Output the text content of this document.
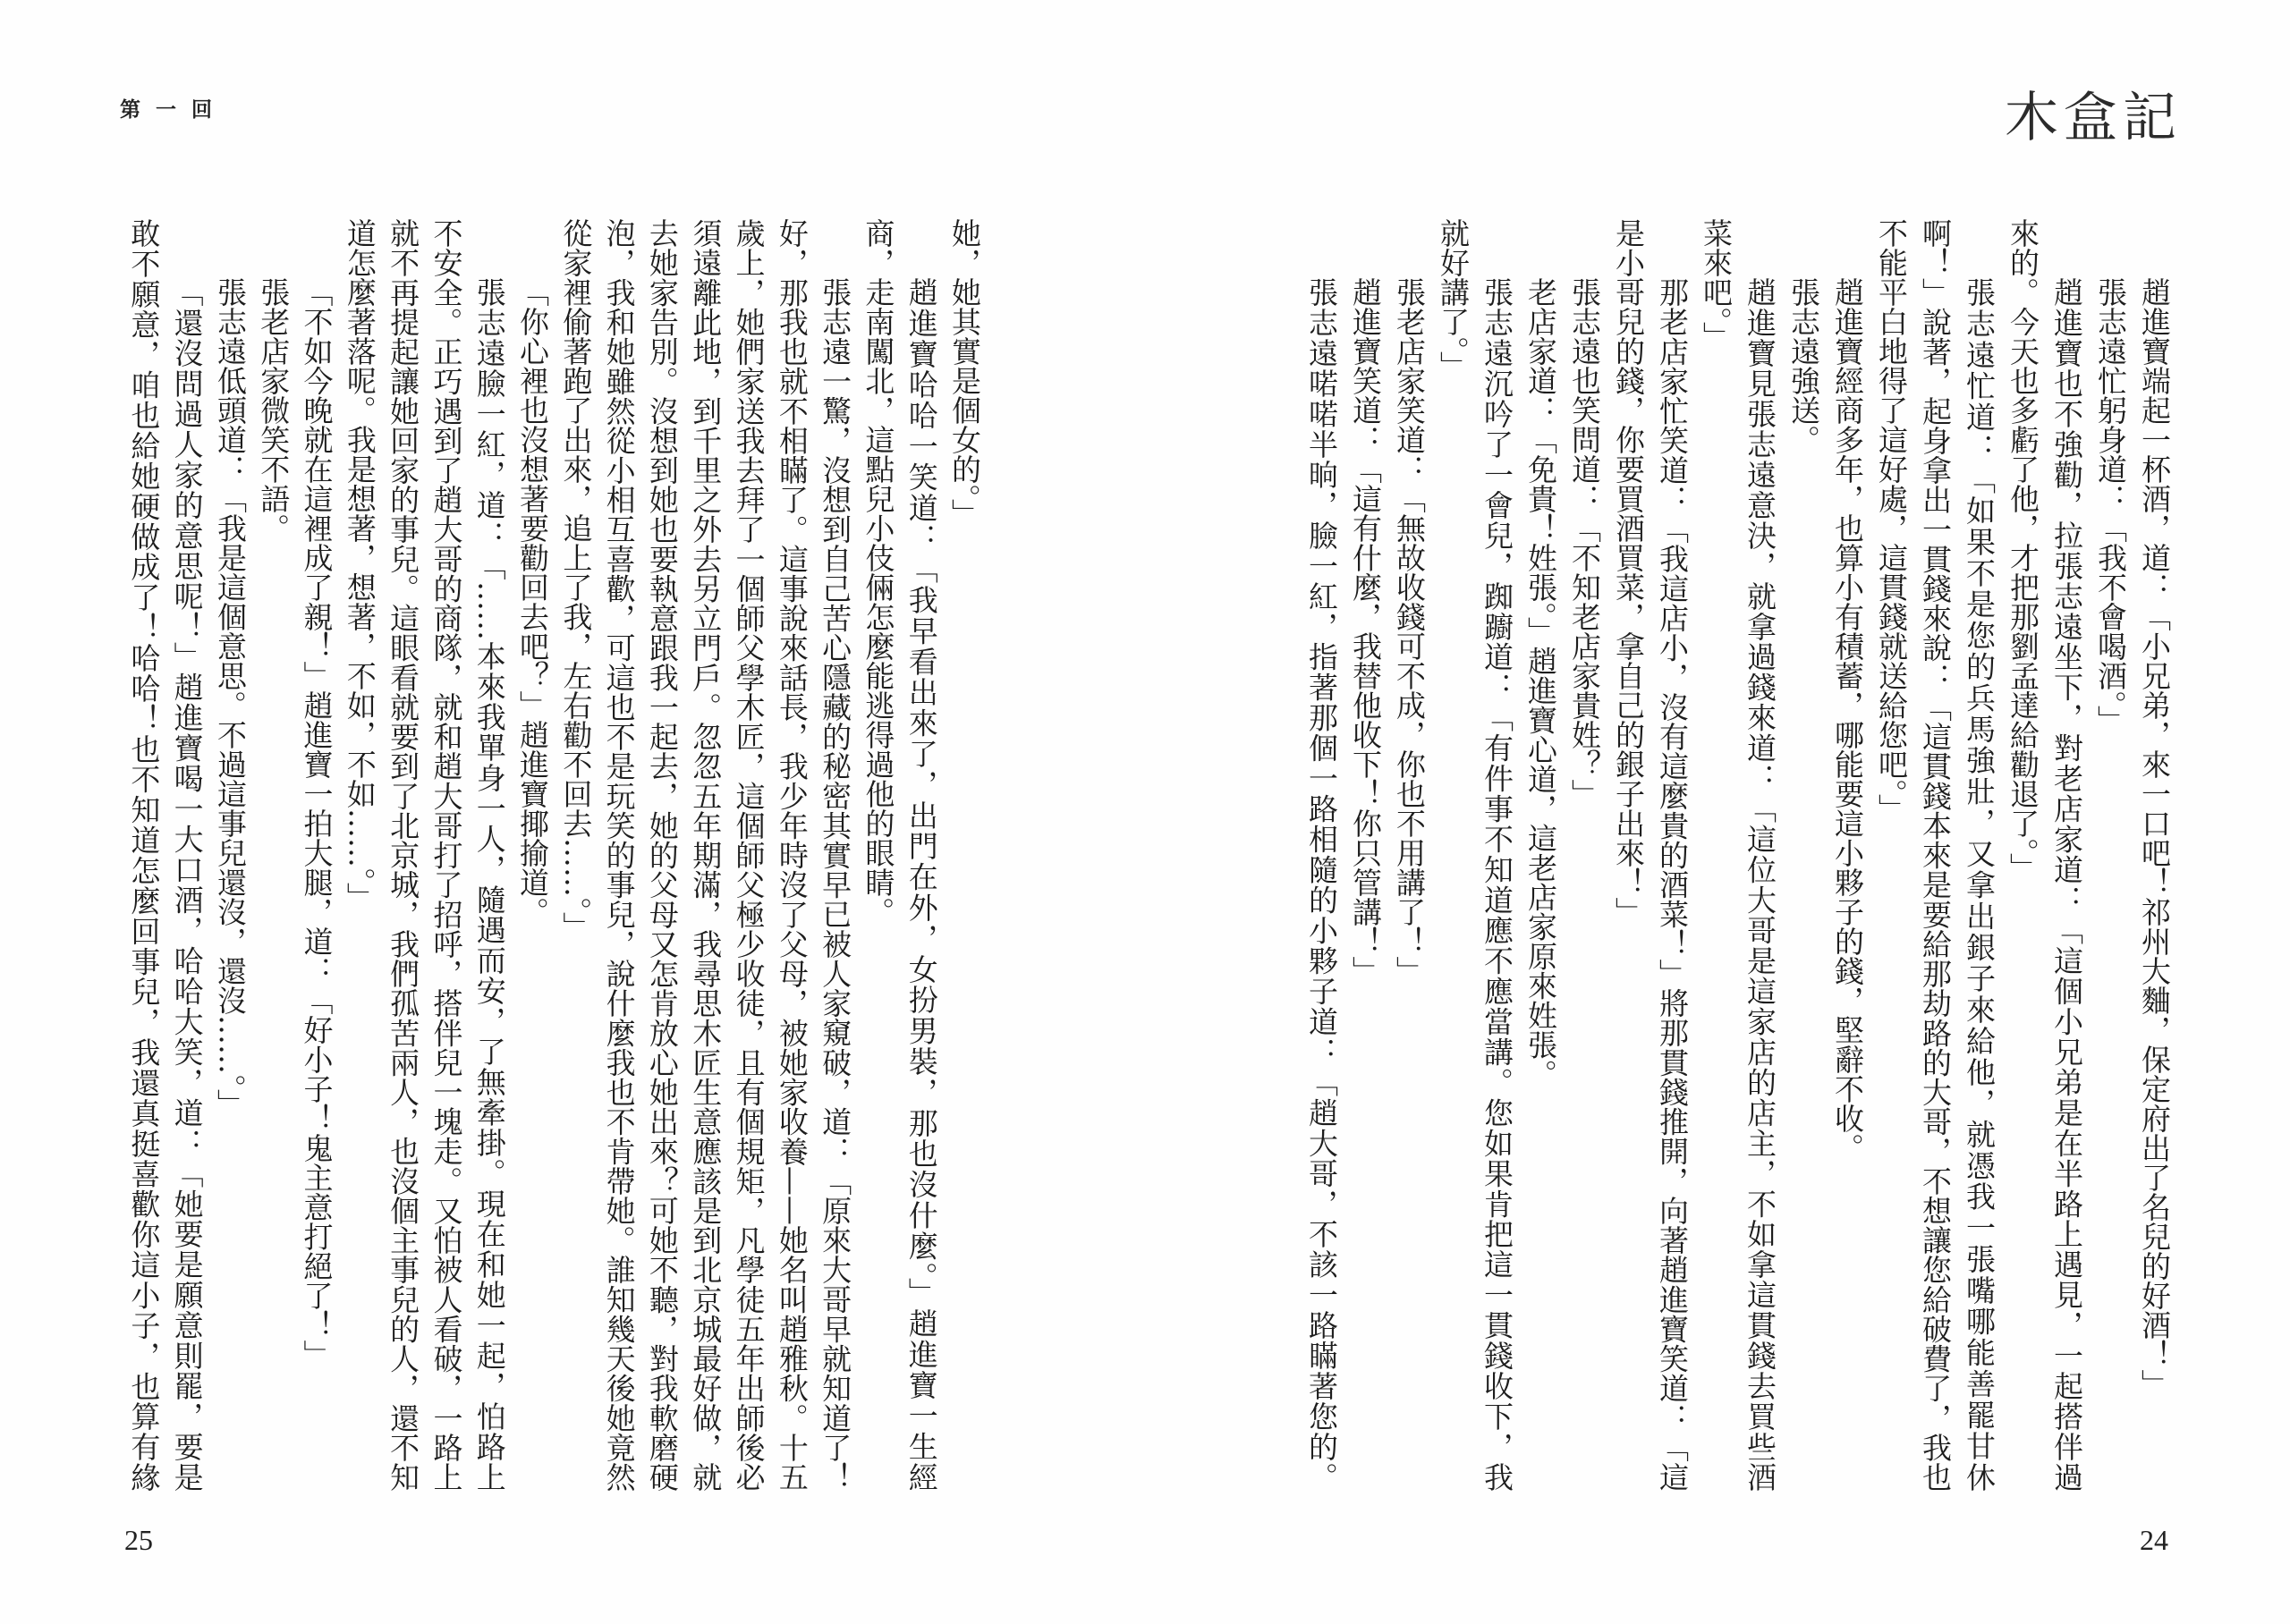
第一回	木盒記
她，她其實是個女的。」
趙進寶哈哈一笑道：「我早看出來了，出門在外，女扮男裝，那也沒什麼。」趙進寶一生經
商，走南闖北，這點兒小伎倆怎麼能逃得過他的眼睛。
張志遠一驚，沒想到自己苦心隱藏的秘密其實早已被人家窺破，道：「原來大哥早就知道了！
好，那我也就不相瞞了。這事說來話長，我少年時沒了父母，被她家收養——她名叫趙雅秋。十五
歲上，她們家送我去拜了一個師父學木匠，這個師父極少收徒，且有個規矩，凡學徒五年出師後必
須遠離此地，到千里之外去另立門戶。忽忽五年期滿，我尋思木匠生意應該是到北京城最好做，就
去她家告別。沒想到她也要執意跟我一起去，她的父母又怎肯放心她出來？可她不聽，對我軟磨硬
泡，我和她雖然從小相互喜歡，可這也不是玩笑的事兒，說什麼我也不肯帶她。誰知幾天後她竟然
從家裡偷著跑了出來，追上了我，左右勸不回去……。」
「你心裡也沒想著要勸回去吧？」趙進寶揶揄道。
張志遠臉一紅，道：「……本來我單身一人，隨遇而安，了無牽掛。現在和她一起，怕路上
不安全。正巧遇到了趙大哥的商隊，就和趙大哥打了招呼，搭伴兒一塊走。又怕被人看破，一路上
就不再提起讓她回家的事兒。這眼看就要到了北京城，我們孤苦兩人，也沒個主事兒的人，還不知
道怎麼著落呢。我是想著，想著，不如，不如……。」
「不如今晚就在這裡成了親！」趙進寶一拍大腿，道：「好小子！鬼主意打絕了！」
張老店家微笑不語。
張志遠低頭道：「我是這個意思。不過這事兒還沒，還沒……。」
「還沒問過人家的意思呢！」趙進寶喝一大口酒，哈哈大笑，道：「她要是願意則罷，要是
敢不願意，咱也給她硬做成了！哈哈！也不知道怎麼回事兒，我還真挺喜歡你這小子，也算有緣	趙進寶端起一杯酒，道：「小兄弟，來一口吧！祁州大麯，保定府出了名兒的好酒！」
張志遠忙躬身道：「我不會喝酒。」
趙進寶也不強勸，拉張志遠坐下，對老店家道：「這個小兄弟是在半路上遇見，一起搭伴過
來的。今天也多虧了他，才把那劉孟達給勸退了。」
張志遠忙道：「如果不是您的兵馬強壯，又拿出銀子來給他，就憑我一張嘴哪能善罷甘休
啊！」說著，起身拿出一貫錢來說：「這貫錢本來是要給那劫路的大哥，不想讓您給破費了，我也
不能平白地得了這好處，這貫錢就送給您吧。」
趙進寶經商多年，也算小有積蓄，哪能要這小夥子的錢，堅辭不收。
張志遠強送。
趙進寶見張志遠意決，就拿過錢來道：「這位大哥是這家店的店主，不如拿這貫錢去買些酒
菜來吧。」
那老店家忙笑道：「我這店小，沒有這麼貴的酒菜！」將那貫錢推開，向著趙進寶笑道：「這
是小哥兒的錢，你要買酒買菜，拿自己的銀子出來！」
張志遠也笑問道：「不知老店家貴姓？」
老店家道：「免貴！姓張。」趙進寶心道，這老店家原來姓張。
張志遠沉吟了一會兒，踟躕道：「有件事不知道應不應當講。您如果肯把這一貫錢收下，我
就好講了。」
張老店家笑道：「無故收錢可不成，你也不用講了！」
趙進寶笑道：「這有什麼，我替他收下！你只管講！」
張志遠喏喏半晌，臉一紅，指著那個一路相隨的小夥子道：「趙大哥，不該一路瞞著您的。
25	24
